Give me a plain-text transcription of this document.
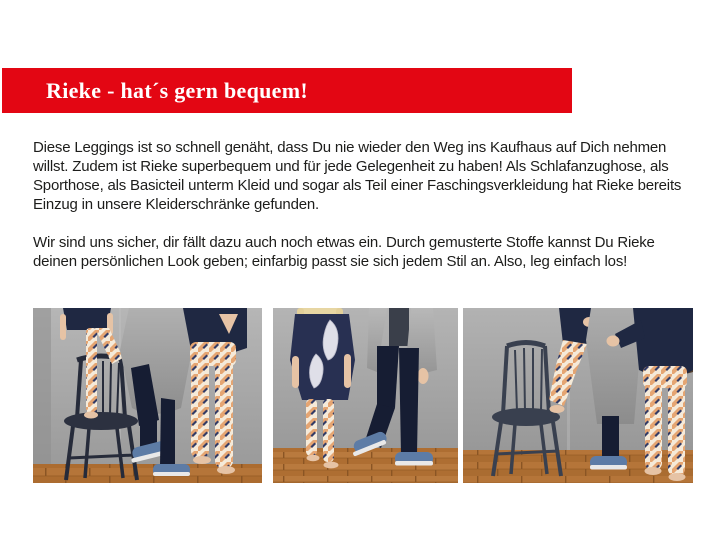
Rieke - hat´s gern bequem!

Diese Leggings ist so schnell genäht, dass Du nie wieder den Weg ins Kaufhaus auf Dich nehmen willst. Zudem ist Rieke superbequem und für jede Gelegenheit zu haben! Als Schlafanzughose, als Sporthose, als Basicteil unterm Kleid und sogar als Teil einer Faschingsverkleidung hat Rieke bereits Einzug in unsere Kleiderschränke gefunden.

Wir sind uns sicher, dir fällt dazu auch noch etwas ein. Durch gemusterte Stoffe kannst Du Rieke deinen persönlichen Look geben; einfarbig passt sie sich jedem Stil an. Also, leg einfach los!
